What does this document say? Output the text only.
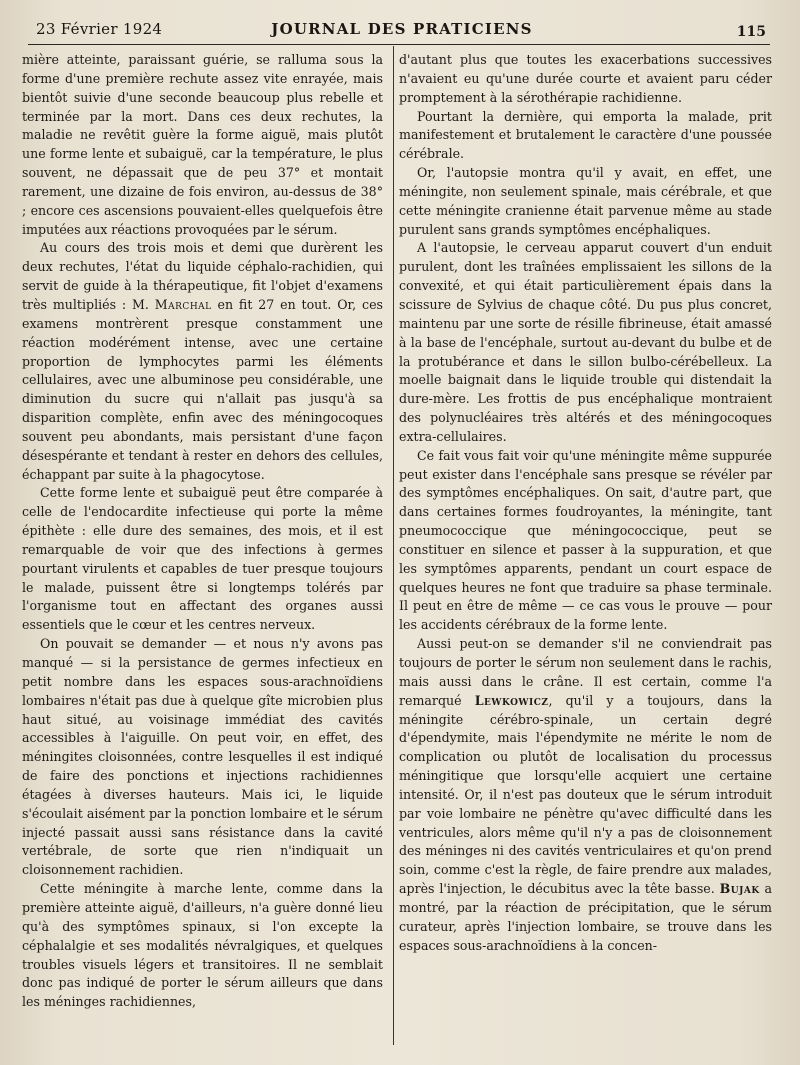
23 Février 1924	JOURNAL DES PRATICIENS	115

mière atteinte, paraissant guérie, se ralluma sous la forme d'une première rechute assez vite enrayée, mais bientôt suivie d'une seconde beaucoup plus rebelle et terminée par la mort. Dans ces deux rechutes, la maladie ne revêtit guère la forme aiguë, mais plutôt une forme lente et subaiguë, car la température, le plus souvent, ne dépassait que de peu 37° et montait rarement, une dizaine de fois environ, au-dessus de 38° ; encore ces ascensions pouvaient-elles quelquefois être imputées aux réactions provoquées par le sérum.

Au cours des trois mois et demi que durèrent les deux rechutes, l'état du liquide céphalo-rachidien, qui servit de guide à la thérapeutique, fit l'objet d'examens très multipliés : M. Marchal en fit 27 en tout. Or, ces examens montrèrent presque constamment une réaction modérément intense, avec une certaine proportion de lymphocytes parmi les éléments cellulaires, avec une albuminose peu considérable, une diminution du sucre qui n'allait pas jusqu'à sa disparition complète, enfin avec des méningocoques souvent peu abondants, mais persistant d'une façon désespérante et tendant à rester en dehors des cellules, échappant par suite à la phagocytose.

Cette forme lente et subaiguë peut être comparée à celle de l'endocardite infectieuse qui porte la même épithète : elle dure des semaines, des mois, et il est remarquable de voir que des infections à germes pourtant virulents et capables de tuer presque toujours le malade, puissent être si longtemps tolérés par l'organisme tout en affectant des organes aussi essentiels que le cœur et les centres nerveux.

On pouvait se demander — et nous n'y avons pas manqué — si la persistance de germes infectieux en petit nombre dans les espaces sous-arachnoïdiens lombaires n'était pas due à quelque gîte microbien plus haut situé, au voisinage immédiat des cavités accessibles à l'aiguille. On peut voir, en effet, des méningites cloisonnées, contre lesquelles il est indiqué de faire des ponctions et injections rachidiennes étagées à diverses hauteurs. Mais ici, le liquide s'écoulait aisément par la ponction lombaire et le sérum injecté passait aussi sans résistance dans la cavité vertébrale, de sorte que rien n'indiquait un cloisonnement rachidien.

Cette méningite à marche lente, comme dans la première atteinte aiguë, d'ailleurs, n'a guère donné lieu qu'à des symptômes spinaux, si l'on excepte la céphalalgie et ses modalités névralgiques, et quelques troubles visuels légers et transitoires. Il ne semblait donc pas indiqué de porter le sérum ailleurs que dans les méninges rachidiennes,

d'autant plus que toutes les exacerbations successives n'avaient eu qu'une durée courte et avaient paru céder promptement à la sérothérapie rachidienne.

Pourtant la dernière, qui emporta la malade, prit manifestement et brutalement le caractère d'une poussée cérébrale.

Or, l'autopsie montra qu'il y avait, en effet, une méningite, non seulement spinale, mais cérébrale, et que cette méningite cranienne était parvenue même au stade purulent sans grands symptômes encéphaliques.

A l'autopsie, le cerveau apparut couvert d'un enduit purulent, dont les traînées emplissaient les sillons de la convexité, et qui était particulièrement épais dans la scissure de Sylvius de chaque côté. Du pus plus concret, maintenu par une sorte de résille fibrineuse, était amassé à la base de l'encéphale, surtout au-devant du bulbe et de la protubérance et dans le sillon bulbo-cérébelleux. La moelle baignait dans le liquide trouble qui distendait la dure-mère. Les frottis de pus encéphalique montraient des polynucléaires très altérés et des méningocoques extra-cellulaires.

Ce fait vous fait voir qu'une méningite même suppurée peut exister dans l'encéphale sans presque se révéler par des symptômes encéphaliques. On sait, d'autre part, que dans certaines formes foudroyantes, la méningite, tant pneumococcique que méningococcique, peut se constituer en silence et passer à la suppuration, et que les symptômes apparents, pendant un court espace de quelques heures ne font que traduire sa phase terminale. Il peut en être de même — ce cas vous le prouve — pour les accidents cérébraux de la forme lente.

Aussi peut-on se demander s'il ne conviendrait pas toujours de porter le sérum non seulement dans le rachis, mais aussi dans le crâne. Il est certain, comme l'a remarqué Lewkowicz, qu'il y a toujours, dans la méningite cérébro-spinale, un certain degré d'épendymite, mais l'épendymite ne mérite le nom de complication ou plutôt de localisation du processus méningitique que lorsqu'elle acquiert une certaine intensité. Or, il n'est pas douteux que le sérum introduit par voie lombaire ne pénètre qu'avec difficulté dans les ventricules, alors même qu'il n'y a pas de cloisonnement des méninges ni des cavités ventriculaires et qu'on prend soin, comme c'est la règle, de faire prendre aux malades, après l'injection, le décubitus avec la tête basse. Bujak a montré, par la réaction de précipitation, que le sérum curateur, après l'injection lombaire, se trouve dans les espaces sous-arachnoïdiens à la concen-
